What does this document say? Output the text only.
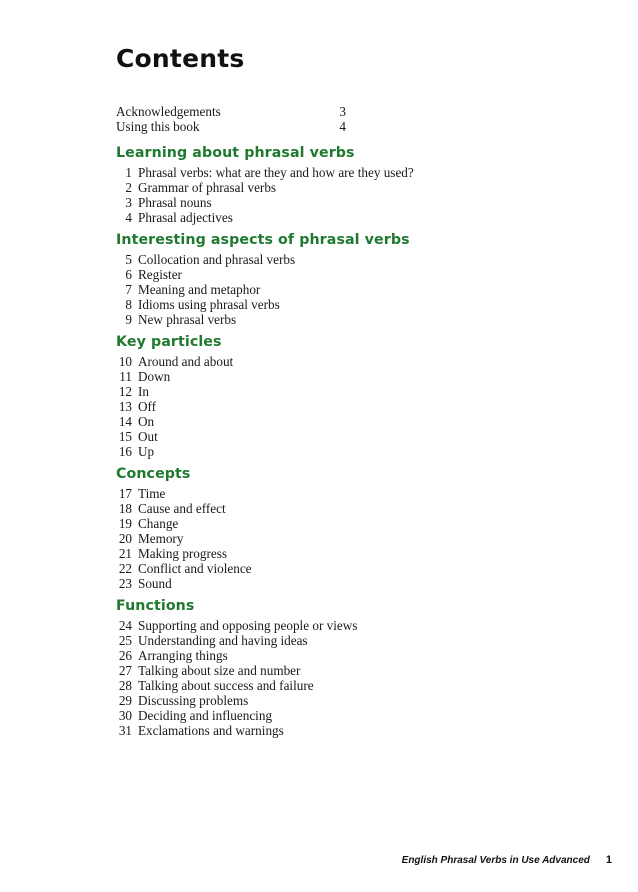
Contents
Acknowledgements	3
Using this book	4
Learning about phrasal verbs
1 Phrasal verbs: what are they and how are they used?
2 Grammar of phrasal verbs
3 Phrasal nouns
4 Phrasal adjectives
Interesting aspects of phrasal verbs
5 Collocation and phrasal verbs
6 Register
7 Meaning and metaphor
8 Idioms using phrasal verbs
9 New phrasal verbs
Key particles
10 Around and about
11 Down
12 In
13 Off
14 On
15 Out
16 Up
Concepts
17 Time
18 Cause and effect
19 Change
20 Memory
21 Making progress
22 Conflict and violence
23 Sound
Functions
24 Supporting and opposing people or views
25 Understanding and having ideas
26 Arranging things
27 Talking about size and number
28 Talking about success and failure
29 Discussing problems
30 Deciding and influencing
31 Exclamations and warnings
English Phrasal Verbs in Use Advanced 1
